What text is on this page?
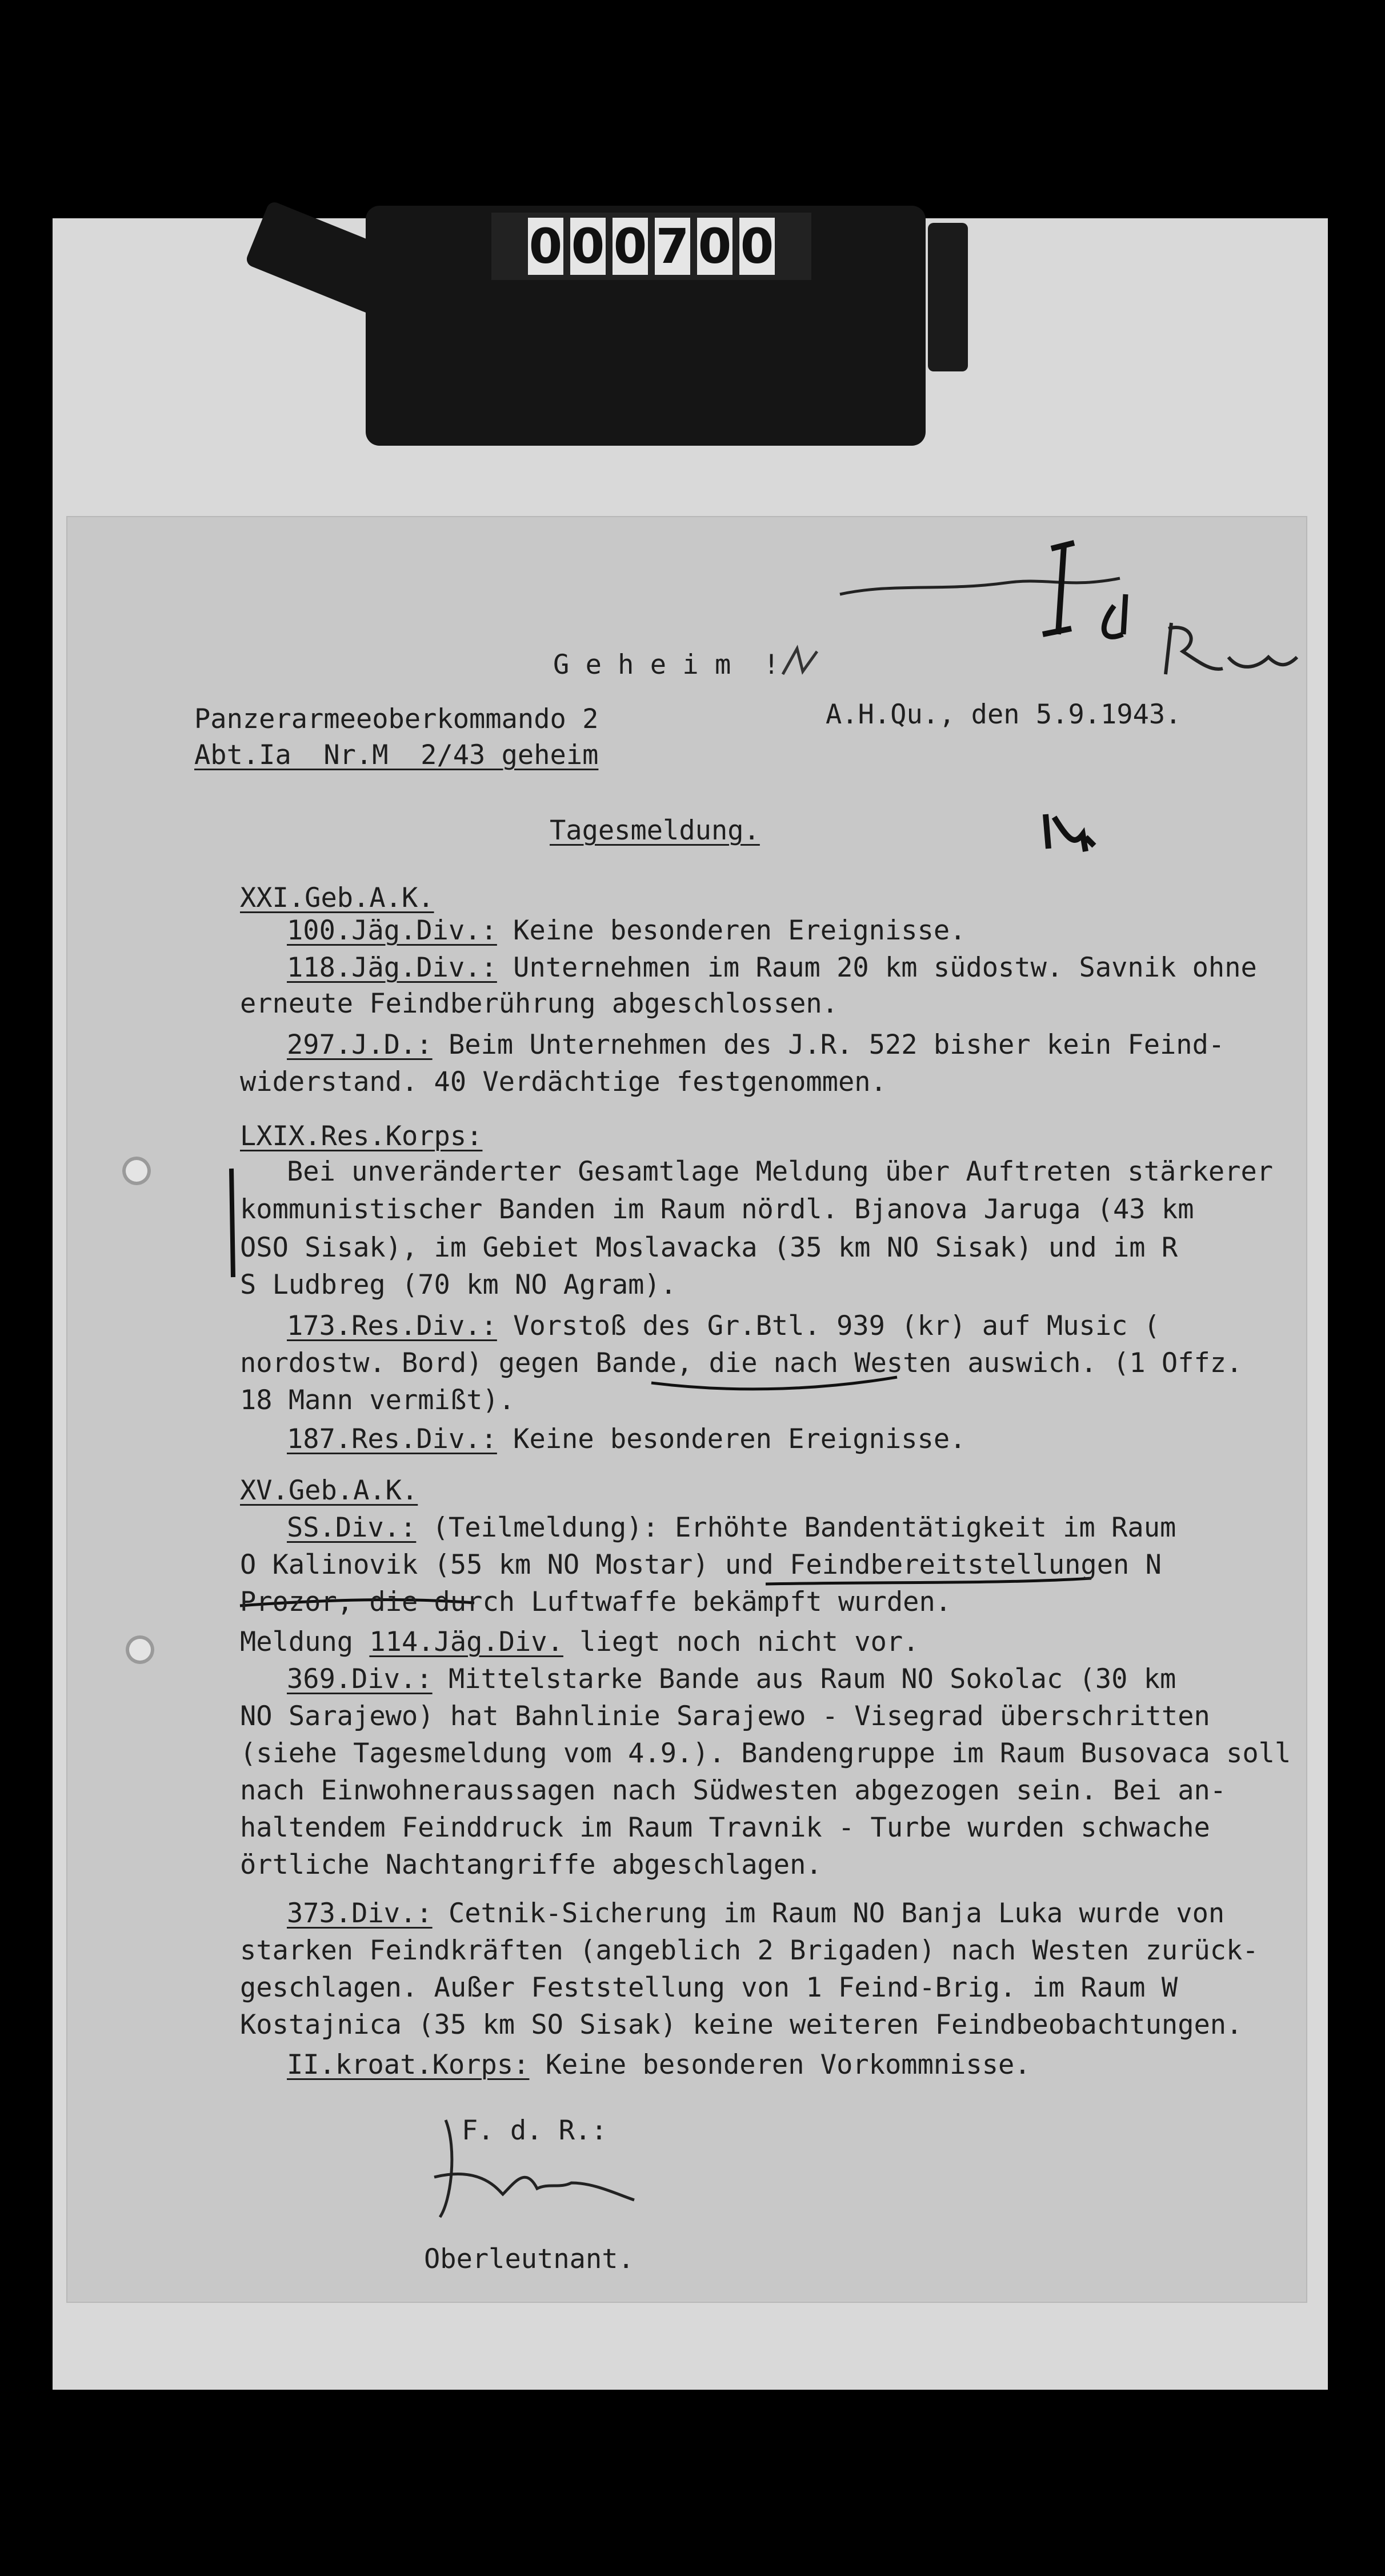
0 0 0 7 0 0
G e h e i m  !
Panzerarmeeoberkommando 2	A.H.Qu., den 5.9.1943.
Abt.Ia  Nr.M  2/43 geheim
Tagesmeldung.
XXI.Geb.A.K.
100.Jäg.Div.: Keine besonderen Ereignisse.
118.Jäg.Div.: Unternehmen im Raum 20 km südostw. Savnik ohne
erneute Feindberührung abgeschlossen.
297.J.D.: Beim Unternehmen des J.R. 522 bisher kein Feind-
widerstand. 40 Verdächtige festgenommen.
LXIX.Res.Korps:
Bei unveränderter Gesamtlage Meldung über Auftreten stärkerer
kommunistischer Banden im Raum nördl. Bjanova Jaruga (43 km
OSO Sisak), im Gebiet Moslavacka (35 km NO Sisak) und im R
S Ludbreg (70 km NO Agram).
173.Res.Div.: Vorstoß des Gr.Btl. 939 (kr) auf Music (
nordostw. Bord) gegen Bande, die nach Westen auswich. (1 Offz.
18 Mann vermißt).
187.Res.Div.: Keine besonderen Ereignisse.
XV.Geb.A.K.
SS.Div.: (Teilmeldung): Erhöhte Bandentätigkeit im Raum
O Kalinovik (55 km NO Mostar) und Feindbereitstellungen N
Prozor, die durch Luftwaffe bekämpft wurden.
Meldung 114.Jäg.Div. liegt noch nicht vor.
369.Div.: Mittelstarke Bande aus Raum NO Sokolac (30 km
NO Sarajewo) hat Bahnlinie Sarajewo - Visegrad überschritten
(siehe Tagesmeldung vom 4.9.). Bandengruppe im Raum Busovaca soll
nach Einwohneraussagen nach Südwesten abgezogen sein. Bei an-
haltendem Feinddruck im Raum Travnik - Turbe wurden schwache
örtliche Nachtangriffe abgeschlagen.
373.Div.: Cetnik-Sicherung im Raum NO Banja Luka wurde von
starken Feindkräften (angeblich 2 Brigaden) nach Westen zurück-
geschlagen. Außer Feststellung von 1 Feind-Brig. im Raum W
Kostajnica (35 km SO Sisak) keine weiteren Feindbeobachtungen.
II.kroat.Korps: Keine besonderen Vorkommnisse.
F. d. R.:
Oberleutnant.
